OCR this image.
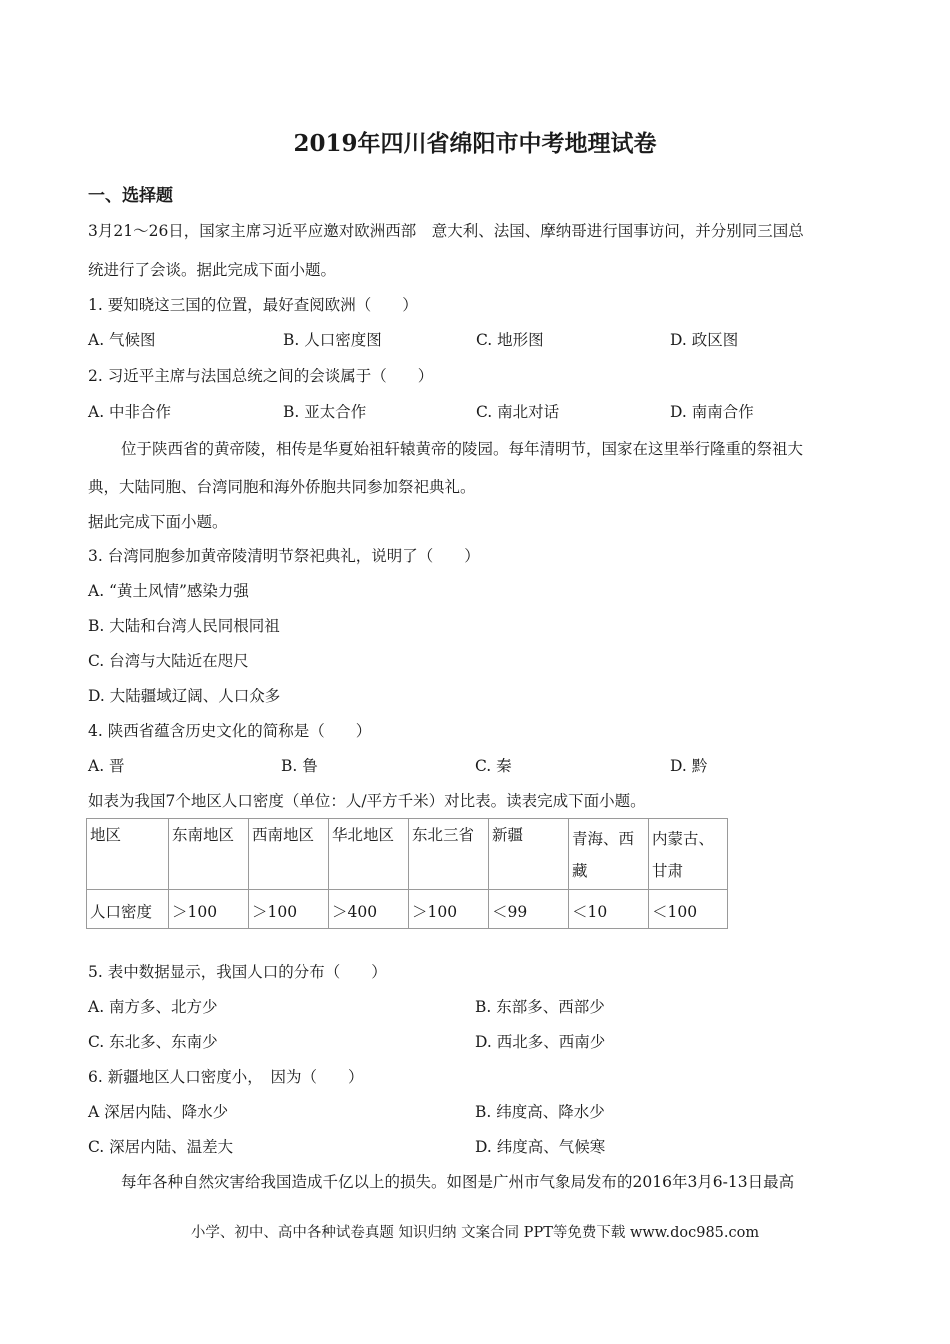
2019年四川省绵阳市中考地理试卷
一、选择题
3月21～26日，国家主席习近平应邀对欧洲西部　意大利、法国、摩纳哥进行国事访问，并分别同三国总
统进行了会谈。据此完成下面小题。
1. 要知晓这三国的位置，最好查阅欧洲（　　）
A. 气候图	B. 人口密度图	C. 地形图	D. 政区图
2. 习近平主席与法国总统之间的会谈属于（　　）
A. 中非合作	B. 亚太合作	C. 南北对话	D. 南南合作
位于陕西省的黄帝陵，相传是华夏始祖轩辕黄帝的陵园。每年清明节，国家在这里举行隆重的祭祖大
典，大陆同胞、台湾同胞和海外侨胞共同参加祭祀典礼。
据此完成下面小题。
3. 台湾同胞参加黄帝陵清明节祭祀典礼，说明了（　　）
A. “黄土风情”感染力强
B. 大陆和台湾人民同根同祖
C. 台湾与大陆近在咫尺
D. 大陆疆域辽阔、人口众多
4. 陕西省蕴含历史文化的简称是（　　）
A. 晋	B. 鲁	C. 秦	D. 黔
如表为我国7个地区人口密度（单位：人/平方千米）对比表。读表完成下面小题。
地区	东南地区	西南地区	华北地区	东北三省	新疆	青海、西藏	内蒙古、甘肃
人口密度	＞100	＞100	＞400	＞100	＜99	＜10	＜100
5. 表中数据显示，我国人口的分布（　　）
A. 南方多、北方少	B. 东部多、西部少
C. 东北多、东南少	D. 西北多、西南少
6. 新疆地区人口密度小，　因为（　　）
A 深居内陆、降水少	B. 纬度高、降水少
C. 深居内陆、温差大	D. 纬度高、气候寒
每年各种自然灾害给我国造成千亿以上的损失。如图是广州市气象局发布的2016年3月6-13日最高
小学、初中、高中各种试卷真题 知识归纳 文案合同 PPT等免费下载 www.doc985.com
